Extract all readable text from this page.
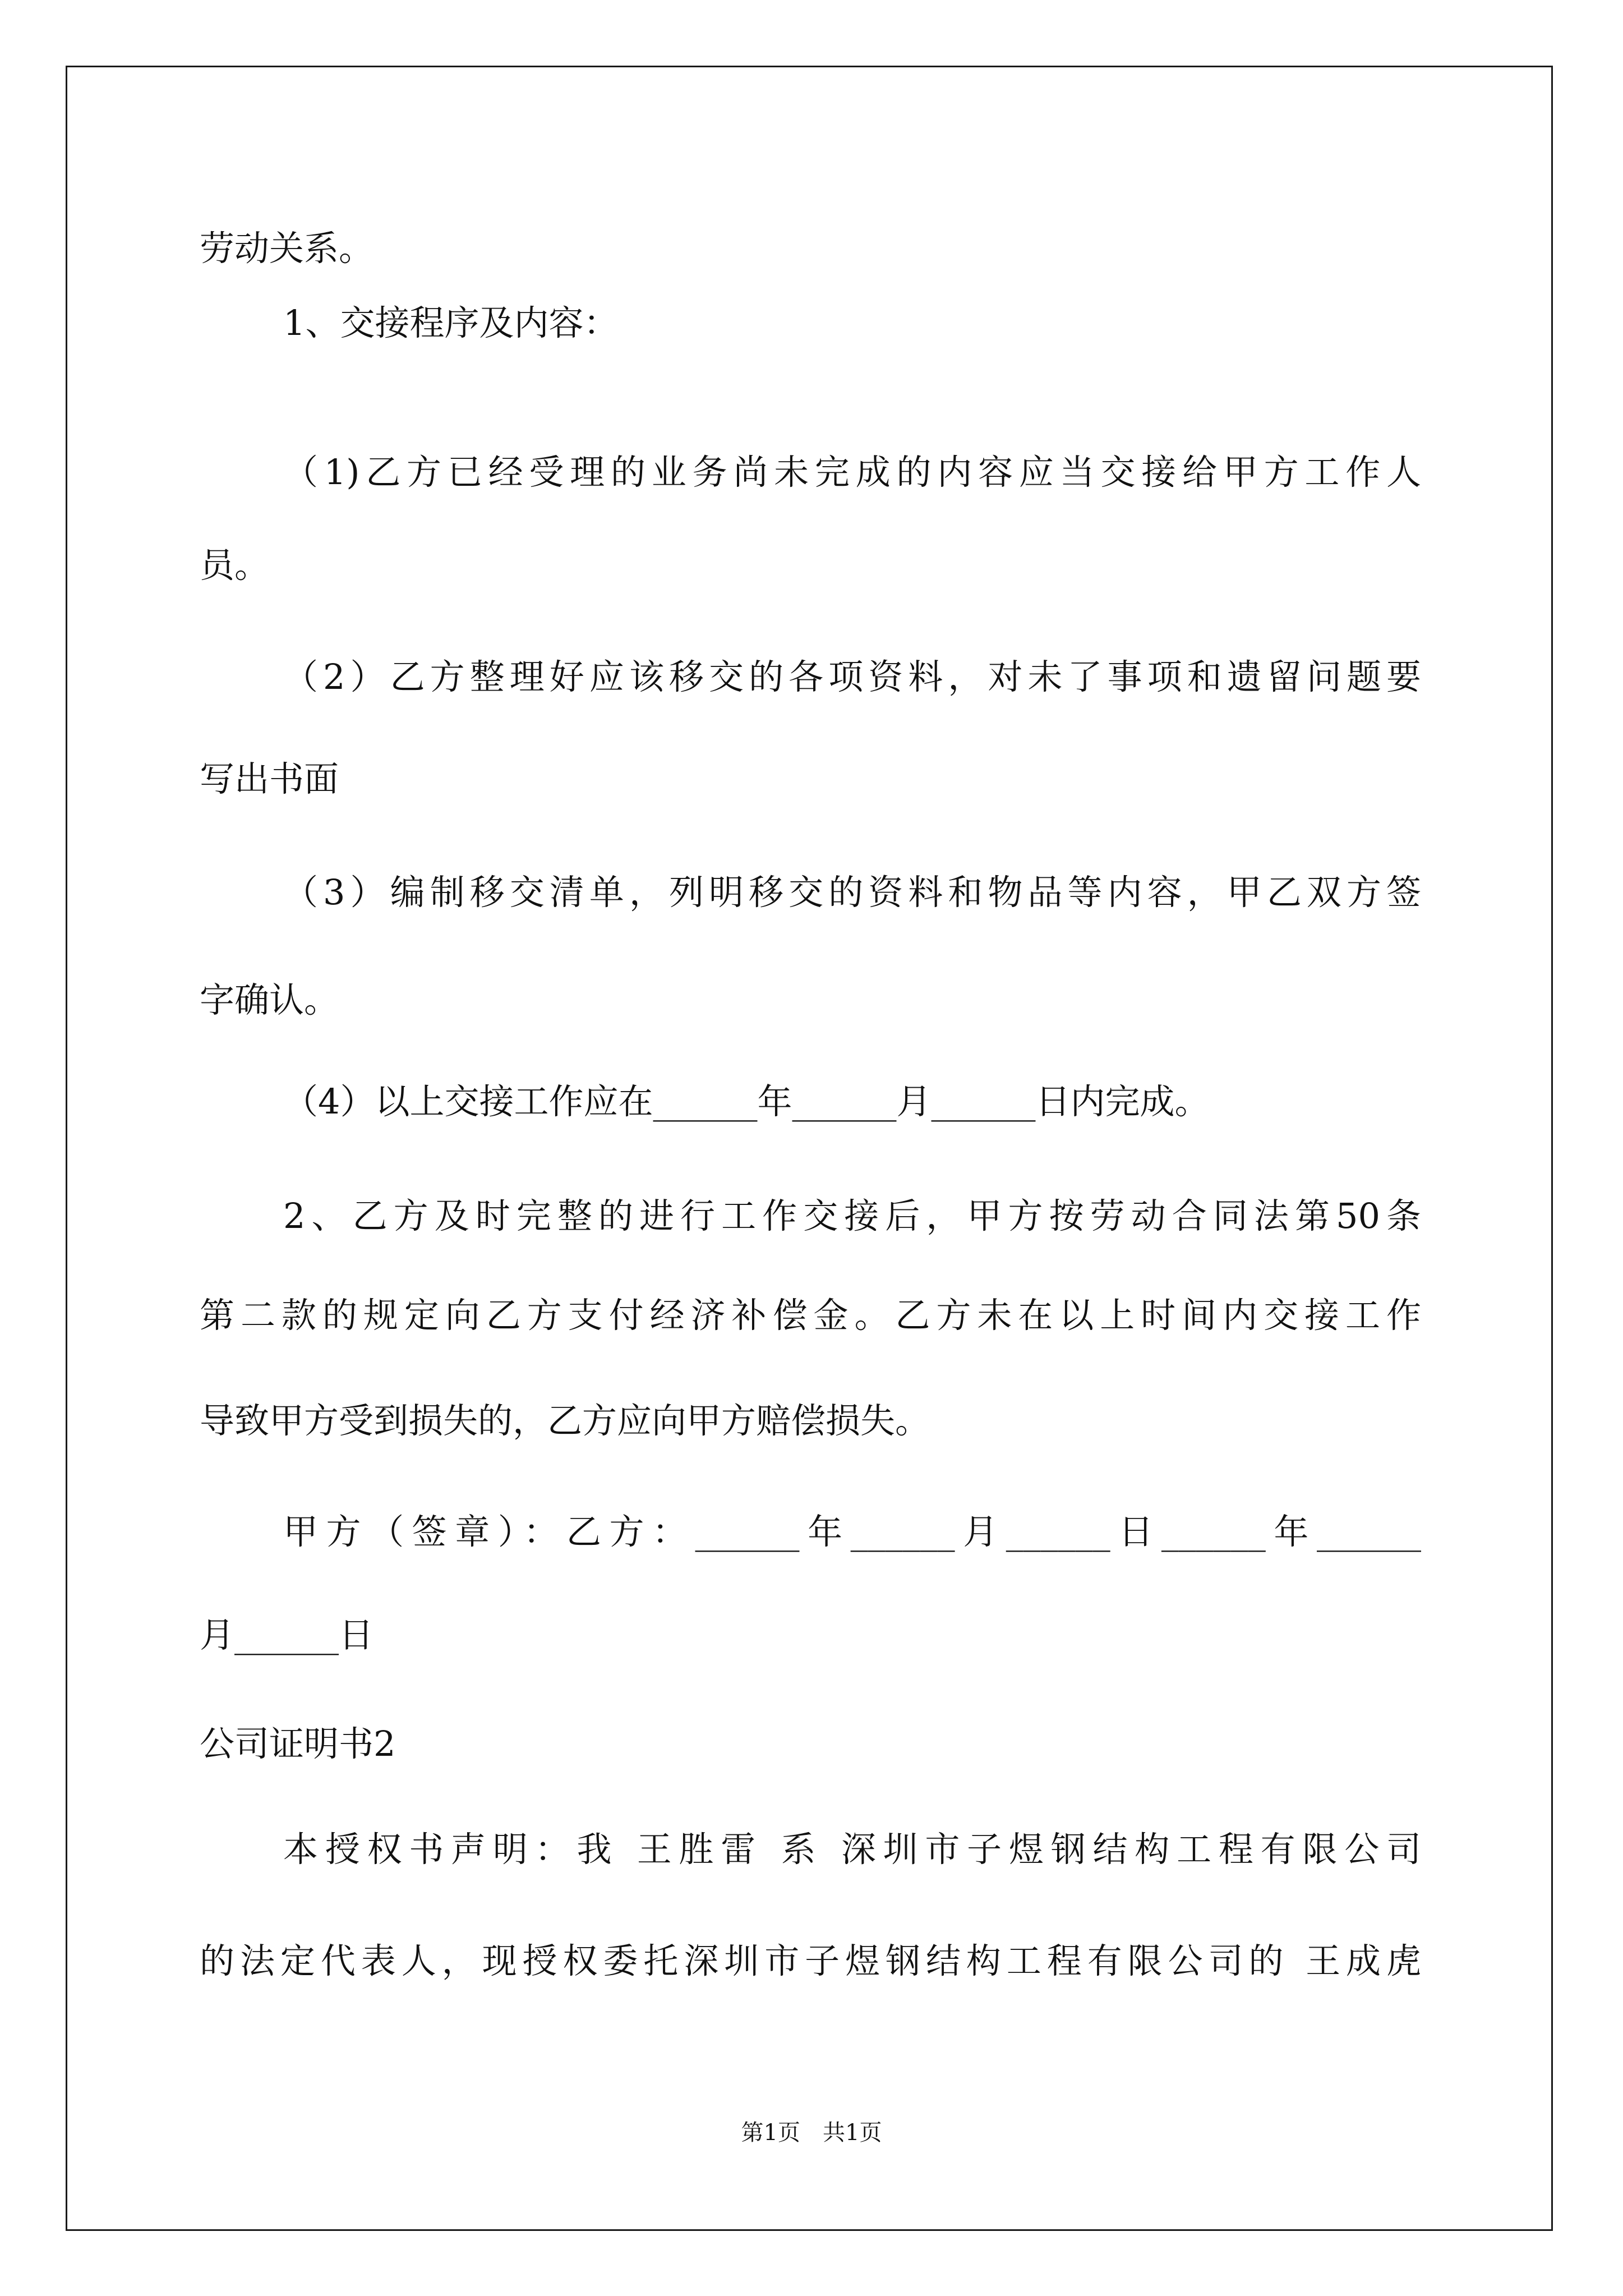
劳动关系。
1、交接程序及内容：
（1)乙方已经受理的业务尚未完成的内容应当交接给甲方工作人
员。
（2）乙方整理好应该移交的各项资料，对未了事项和遗留问题要
写出书面
（3）编制移交清单，列明移交的资料和物品等内容，甲乙双方签
字确认。
（4）以上交接工作应在______年______月______日内完成。
2、乙方及时完整的进行工作交接后，甲方按劳动合同法第50条
第二款的规定向乙方支付经济补偿金。乙方未在以上时间内交接工作
导致甲方受到损失的，乙方应向甲方赔偿损失。
甲方（签章）：乙方：______年______月______日______年______
月______日
公司证明书2
本授权书声明：我 王胜雷 系 深圳市子煜钢结构工程有限公司
的法定代表人，现授权委托深圳市子煜钢结构工程有限公司的 王成虎
第1页　共1页
